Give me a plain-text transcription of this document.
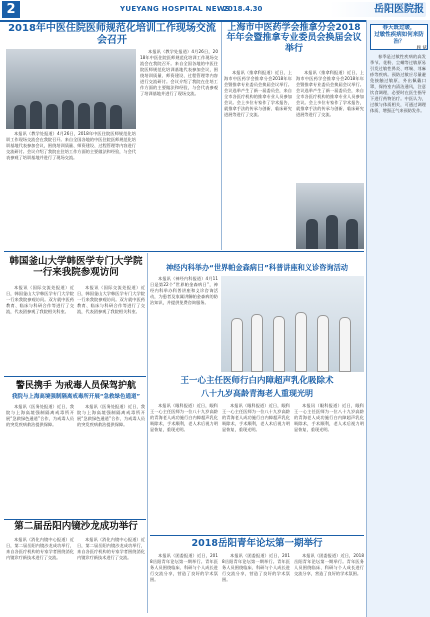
2	YUEYANG HOSPITAL NEWS
2018.4.30	岳阳医院报
2018年中医住院医师规范化培训工作现场交流会召开

本报讯（教学处报道）4月26日，2018年中医住院医师规范化培训工作现场交流会在我院召开。来自全国各地的中医住院医师规范化培训基地代表参加会议，围绕培训质量、师资建设、过程管理等内容进行交流研讨。会议介绍了我院在住培工作方面的主要做法和经验，与会代表参观了培训基地并进行了现场交流。

本报讯（教学处报道）4月26日，2018年中医住院医师规范化培训工作现场交流会在我院召开。来自全国各地的中医住院医师规范化培训基地代表参加会议，围绕培训质量、师资建设、过程管理等内容进行交流研讨。会议介绍了我院在住培工作方面的主要做法和经验，与会代表参观了培训基地并进行了现场交流。

上海市中医药学会推拿分会2018年年会暨推拿专业委员会换届会议举行

本报讯（推拿科报道）近日，上海市中医药学会推拿分会2018年年会暨推拿专业委员会换届会议举行。会议选举产生了新一届委员会，来自全市各医疗机构的推拿专业人员参加会议。会上多位专家作了学术报告，就推拿手法的传承与创新、临床研究进展等进行了交流。

本报讯（推拿科报道）近日，上海市中医药学会推拿分会2018年年会暨推拿专业委员会换届会议举行。会议选举产生了新一届委员会，来自全市各医疗机构的推拿专业人员参加会议。会上多位专家作了学术报告，就推拿手法的传承与创新、临床研究进展等进行了交流。

韩国釜山大学韩医学专门大学院一行来我院参观访问

本报讯（国际交流处报道）近日，韩国釜山大学韩医学专门大学院一行来我院参观访问。双方就中医药教育、临床与科研合作等进行了交流，代表团参观了我院相关科室。

本报讯（国际交流处报道）近日，韩国釜山大学韩医学专门大学院一行来我院参观访问。双方就中医药教育、临床与科研合作等进行了交流，代表团参观了我院相关科室。

神经内科举办“世界帕金森病日”科普讲座和义诊咨询活动

本报讯（神经内科报道）4月11日是第22个“世界帕金森病日”，神经内科举办科普讲座和义诊咨询活动，为患者及家属讲解帕金森病的防治知识，并提供免费咨询服务。

王一心主任医师行白内障超声乳化吸除术
八十九岁高龄青海老人重现光明

本报讯（眼科报道）近日，眼科王一心主任医师为一位八十九岁高龄的青海老人成功施行白内障超声乳化吸除术，手术顺利，老人术后视力明显恢复，重现光明。

本报讯（眼科报道）近日，眼科王一心主任医师为一位八十九岁高龄的青海老人成功施行白内障超声乳化吸除术，手术顺利，老人术后视力明显恢复，重现光明。

本报讯（眼科报道）近日，眼科王一心主任医师为一位八十九岁高龄的青海老人成功施行白内障超声乳化吸除术，手术顺利，老人术后视力明显恢复，重现光明。

警民携手 为戒毒人员保驾护航
我院与上海高境强制隔离戒毒所开展“急救绿色通道”

本报讯（医务处报道）近日，我院与上海高境强制隔离戒毒所开展“急救绿色通道”合作，为戒毒人员的突发疾病救治提供保障。

本报讯（医务处报道）近日，我院与上海高境强制隔离戒毒所开展“急救绿色通道”合作，为戒毒人员的突发疾病救治提供保障。

第二届岳阳内镜沙龙成功举行

本报讯（消化内镜中心报道）近日，第二届岳阳内镜沙龙成功举行，来自各医疗机构的专家学者围绕消化内镜诊疗新技术进行了交流。

本报讯（消化内镜中心报道）近日，第二届岳阳内镜沙龙成功举行，来自各医疗机构的专家学者围绕消化内镜诊疗新技术进行了交流。

2018岳阳青年论坛第一期举行

本报讯（团委报道）近日，2018岳阳青年论坛第一期举行。青年医务人员围绕临床、科研与个人成长进行交流分享，营造了良好的学术氛围。

本报讯（团委报道）近日，2018岳阳青年论坛第一期举行。青年医务人员围绕临床、科研与个人成长进行交流分享，营造了良好的学术氛围。

本报讯（团委报道）近日，2018岳阳青年论坛第一期举行。青年医务人员围绕临床、科研与个人成长进行交流分享，营造了良好的学术氛围。

春天既过暖，
过敏性疾病如何来防治？
顾 斌

春季是过敏性疾病的高发季节。花粉、尘螨等过敏原易引发过敏性鼻炎、哮喘、荨麻疹等疾病。预防过敏应尽量避免接触过敏原，外出佩戴口罩，保持室内清洁通风，注意饮食调理，必要时在医生指导下进行药物治疗。中医认为，过敏与体质相关，可通过调理体质、增强正气来预防发作。
